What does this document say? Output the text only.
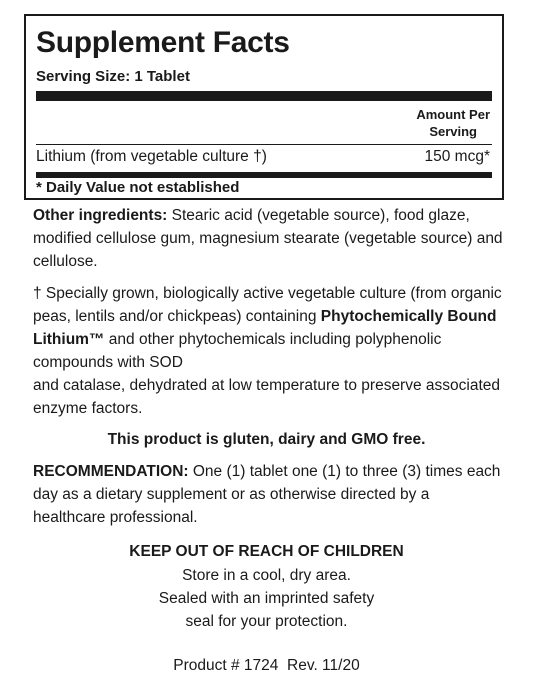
Supplement Facts
Serving Size: 1 Tablet
Amount Per
Serving
Lithium (from vegetable culture †)	150 mcg*
* Daily Value not established

Other ingredients: Stearic acid (vegetable source), food glaze, modified cellulose gum, magnesium stearate (vegetable source) and cellulose.

† Specially grown, biologically active vegetable culture (from organic peas, lentils and/or chickpeas) containing Phytochemically Bound Lithium™ and other phytochemicals including polyphenolic compounds with SOD
and catalase, dehydrated at low temperature to preserve associated enzyme factors.

This product is gluten, dairy and GMO free.

RECOMMENDATION: One (1) tablet one (1) to three (3) times each day as a dietary supplement or as otherwise directed by a healthcare professional.

KEEP OUT OF REACH OF CHILDREN

Store in a cool, dry area.
Sealed with an imprinted safety
seal for your protection.

Product # 1724  Rev. 11/20
